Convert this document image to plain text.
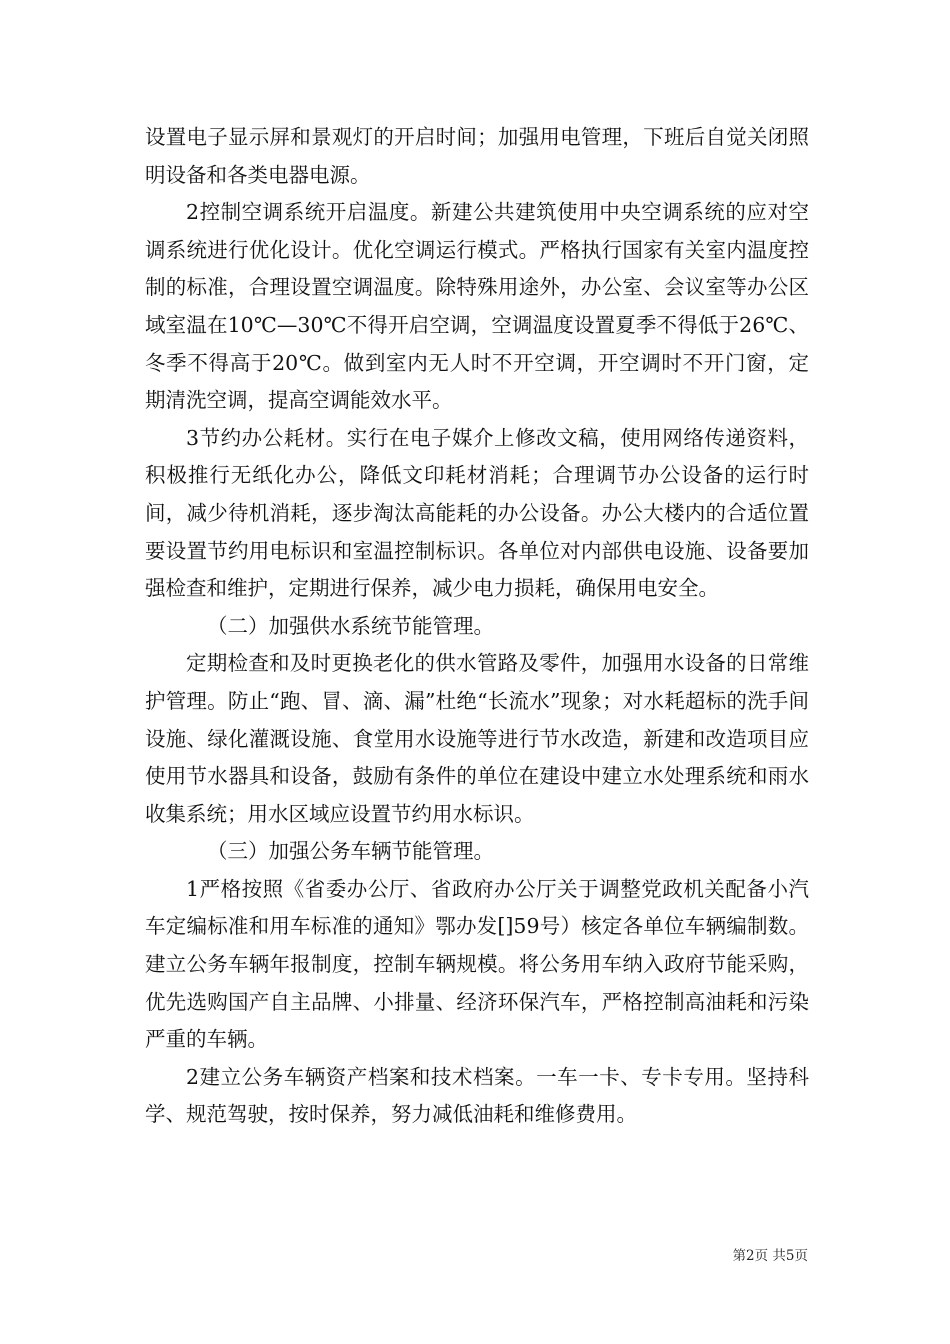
设置电子显示屏和景观灯的开启时间；加强用电管理，下班后自觉关闭照明设备和各类电器电源。

2控制空调系统开启温度。新建公共建筑使用中央空调系统的应对空调系统进行优化设计。优化空调运行模式。严格执行国家有关室内温度控制的标准，合理设置空调温度。除特殊用途外，办公室、会议室等办公区域室温在10℃—30℃不得开启空调，空调温度设置夏季不得低于26℃、冬季不得高于20℃。做到室内无人时不开空调，开空调时不开门窗，定期清洗空调，提高空调能效水平。

3节约办公耗材。实行在电子媒介上修改文稿，使用网络传递资料，积极推行无纸化办公，降低文印耗材消耗；合理调节办公设备的运行时间，减少待机消耗，逐步淘汰高能耗的办公设备。办公大楼内的合适位置要设置节约用电标识和室温控制标识。各单位对内部供电设施、设备要加强检查和维护，定期进行保养，减少电力损耗，确保用电安全。

（二）加强供水系统节能管理。

定期检查和及时更换老化的供水管路及零件，加强用水设备的日常维护管理。防止“跑、冒、滴、漏”杜绝“长流水”现象；对水耗超标的洗手间设施、绿化灌溉设施、食堂用水设施等进行节水改造，新建和改造项目应使用节水器具和设备，鼓励有条件的单位在建设中建立水处理系统和雨水收集系统；用水区域应设置节约用水标识。

（三）加强公务车辆节能管理。

1严格按照《省委办公厅、省政府办公厅关于调整党政机关配备小汽车定编标准和用车标准的通知》鄂办发[]59号）核定各单位车辆编制数。建立公务车辆年报制度，控制车辆规模。将公务用车纳入政府节能采购，优先选购国产自主品牌、小排量、经济环保汽车，严格控制高油耗和污染严重的车辆。

2建立公务车辆资产档案和技术档案。一车一卡、专卡专用。坚持科学、规范驾驶，按时保养，努力减低油耗和维修费用。

第2页 共5页
